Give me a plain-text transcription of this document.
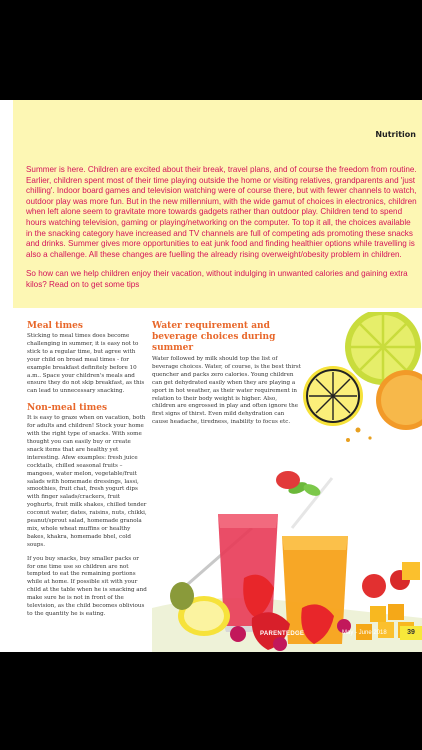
Nutrition

Summer is here. Children are excited about their break, travel plans, and of course the freedom from routine. Earlier, children spent most of their time playing outside the home or visiting relatives, grandparents and 'just chilling'. Indoor board games and television watching were of course there, but with fewer channels to watch, outdoor play was more fun. But in the new millennium, with the wide gamut of choices in electronics, children when left alone seem to gravitate more towards gadgets rather than outdoor play. Children tend to spend hours watching television, gaming or playing/networking on the computer. To top it all, the choices available in the snacking category have increased and TV channels are full of competing ads promoting these snacks and drinks. Summer gives more opportunities to eat junk food and finding healthier options while travelling is also a challenge. All these changes are fuelling the already rising overweight/obesity problem in children.

So how can we help children enjoy their vacation, without indulging in unwanted calories and gaining extra kilos? Read on to get some tips

Meal times

Sticking to meal times does become challenging in summer, it is easy not to stick to a regular time, but agree with your child on broad meal times - for example breakfast definitely before 10 a.m.. Space your children's meals and ensure they do not skip breakfast, as this can lead to unnecessary snacking.

Non-meal times

It is easy to graze when on vacation, both for adults and children! Stock your home with the right type of snacks. With some thought you can easily buy or create snack items that are healthy yet interesting. Afew examples: fresh juice cocktails, chilled seasonal fruits – mangoes, water melon, vegetable/fruit salads with homemade dressings, lassi, smoothies, fruit chat, fresh yogurt dips with finger salads/crackers, fruit yoghurts, fruit milk shakes, chilled tender coconut water, dates, raisins, nuts, chikki, peanut/sprout salad, homemade granola mix, whole wheat muffins or healthy bakes, khakra, homemade bhel, cold soups.

If you buy snacks, buy smaller packs or for one time use so children are not tempted to eat the remaining portions while at home. If possible sit with your child at the table when he is snacking and make sure he is not in front of the television, as the child becomes oblivious to the quantity he is eating.

Water requirement and beverage choices during summer

Water followed by milk should top the list of beverage choices. Water, of course, is the best thirst quencher and packs zero calories. Young children can get dehydrated easily when they are playing a sport in hot weather, as their water requirement in relation to their body weight is higher. Also, children are engrossed in play and often ignore the first signs of thirst. Even mild dehydration can cause headache, tiredness, inability to focus etc.

PARENTEDGE	May - June 2018	39
